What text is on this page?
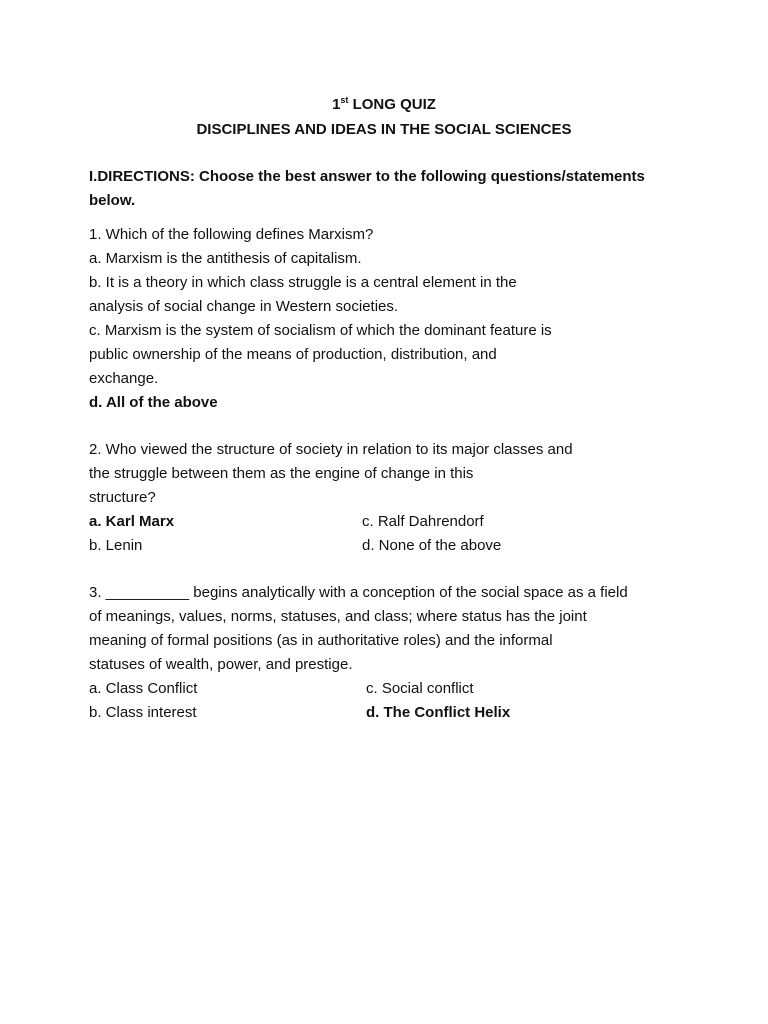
1st LONG QUIZ
DISCIPLINES AND IDEAS IN THE SOCIAL SCIENCES
I.DIRECTIONS: Choose the best answer to the following questions/statements
below.
1. Which of the following defines Marxism?
a. Marxism is the antithesis of capitalism.
b. It is a theory in which class struggle is a central element in the
analysis of social change in Western societies.
c. Marxism is the system of socialism of which the dominant feature is
public ownership of the means of production, distribution, and
exchange.
d. All of the above
2. Who viewed the structure of society in relation to its major classes and
the struggle between them as the engine of change in this
structure?
a. Karl Marx	c. Ralf Dahrendorf
b. Lenin	d. None of the above
3. __________ begins analytically with a conception of the social space as a field
of meanings, values, norms, statuses, and class; where status has the joint
meaning of formal positions (as in authoritative roles) and the informal
statuses of wealth, power, and prestige.
a. Class Conflict	c. Social conflict
b. Class interest	d. The Conflict Helix
